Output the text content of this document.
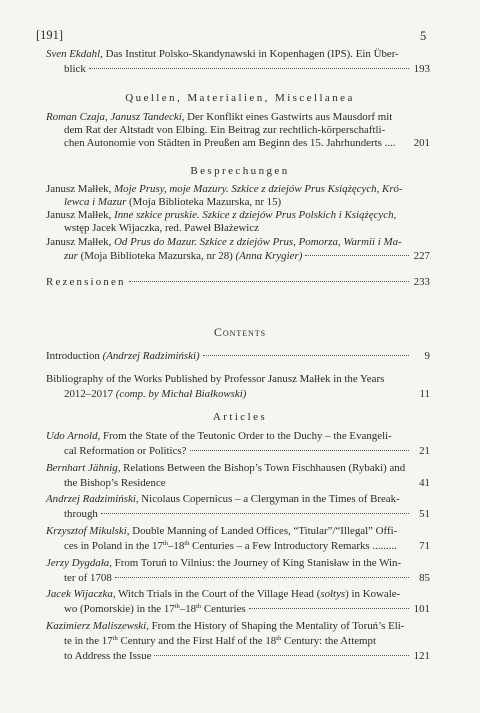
[191]	5
Sven Ekdahl, Das Institut Polsko-Skandynawski in Kopenhagen (IPS). Ein Über-
blick	193
Quellen, Materialien, Miscellanea
Roman Czaja, Janusz Tandecki, Der Konflikt eines Gastwirts aus Mausdorf mit
dem Rat der Altstadt von Elbing. Ein Beitrag zur rechtlich-körperschaftli-
chen Autonomie von Städten in Preußen am Beginn des 15. Jahrhunderts .... 201
Besprechungen
Janusz Małłek, Moje Prusy, moje Mazury. Szkice z dziejów Prus Książęcych, Kró-
lewca i Mazur (Moja Biblioteka Mazurska, nr 15)
Janusz Małłek, Inne szkice pruskie. Szkice z dziejów Prus Polskich i Książęcych,
wstęp Jacek Wijaczka, red. Paweł Błażewicz
Janusz Małłek, Od Prus do Mazur. Szkice z dziejów Prus, Pomorza, Warmii i Ma-
zur (Moja Biblioteka Mazurska, nr 28) (Anna Krygier)	227
Rezensionen	233
Contents
Introduction (Andrzej Radzimiński)	9
Bibliography of the Works Published by Professor Janusz Małłek in the Years
2012–2017 (comp. by Michał Białkowski)	11
Articles
Udo Arnold, From the State of the Teutonic Order to the Duchy – the Evangeli-
cal Reformation or Politics?	21
Bernhart Jähnig, Relations Between the Bishop’s Town Fischhausen (Rybaki) and
the Bishop’s Residence	41
Andrzej Radzimiński, Nicolaus Copernicus – a Clergyman in the Times of Break-
through	51
Krzysztof Mikulski, Double Manning of Landed Offices, “Titular”/“Illegal” Offi-
ces in Poland in the 17th–18th Centuries – a Few Introductory Remarks .........	71
Jerzy Dygdała, From Toruń to Vilnius: the Journey of King Stanisław in the Win-
ter of 1708	85
Jacek Wijaczka, Witch Trials in the Court of the Village Head (sołtys) in Kowale-
wo (Pomorskie) in the 17th–18th Centuries	101
Kazimierz Maliszewski, From the History of Shaping the Mentality of Toruń’s Eli-
te in the 17th Century and the First Half of the 18th Century: the Attempt
to Address the Issue	121
